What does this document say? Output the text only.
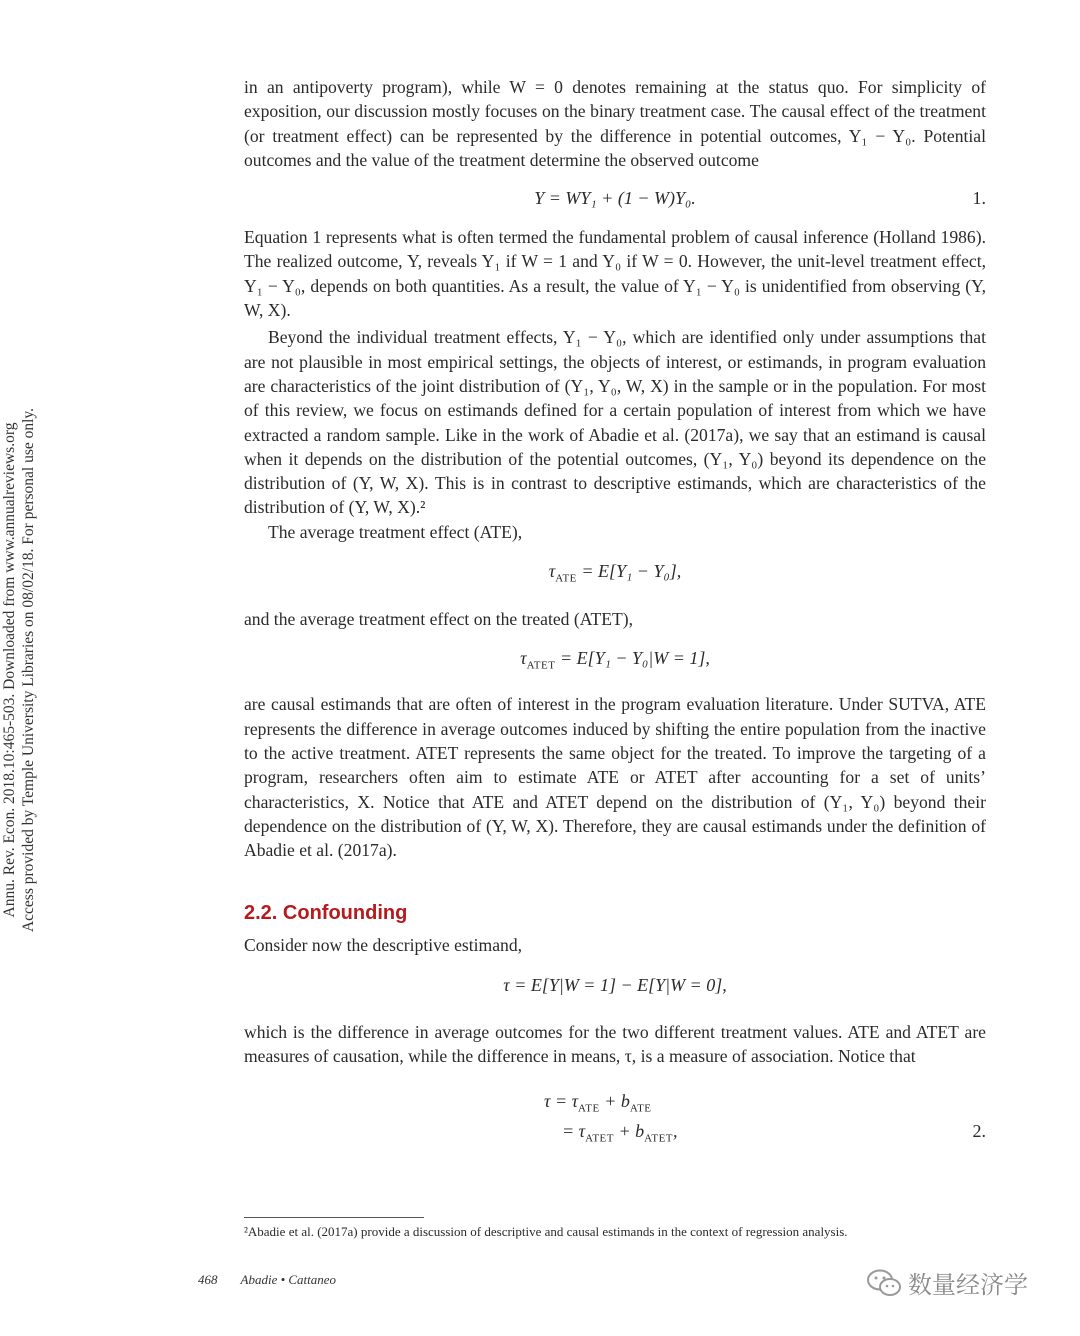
Annu. Rev. Econ. 2018.10:465-503. Downloaded from www.annualreviews.org Access provided by Temple University Libraries on 08/02/18. For personal use only.

in an antipoverty program), while W = 0 denotes remaining at the status quo. For simplicity of exposition, our discussion mostly focuses on the binary treatment case. The causal effect of the treatment (or treatment effect) can be represented by the difference in potential outcomes, Y₁ − Y₀. Potential outcomes and the value of the treatment determine the observed outcome

Y = WY₁ + (1 − W)Y₀.	1.

Equation 1 represents what is often termed the fundamental problem of causal inference (Holland 1986). The realized outcome, Y, reveals Y₁ if W = 1 and Y₀ if W = 0. However, the unit-level treatment effect, Y₁ − Y₀, depends on both quantities. As a result, the value of Y₁ − Y₀ is unidentified from observing (Y, W, X).

Beyond the individual treatment effects, Y₁ − Y₀, which are identified only under assumptions that are not plausible in most empirical settings, the objects of interest, or estimands, in program evaluation are characteristics of the joint distribution of (Y₁, Y₀, W, X) in the sample or in the population. For most of this review, we focus on estimands defined for a certain population of interest from which we have extracted a random sample. Like in the work of Abadie et al. (2017a), we say that an estimand is causal when it depends on the distribution of the potential outcomes, (Y₁, Y₀) beyond its dependence on the distribution of (Y, W, X). This is in contrast to descriptive estimands, which are characteristics of the distribution of (Y, W, X).²

The average treatment effect (ATE),

$\tau_{ATE} = E[Y_1 - Y_0]$,

and the average treatment effect on the treated (ATET),

$\tau_{ATET} = E[Y_1 - Y_0|W = 1]$,

are causal estimands that are often of interest in the program evaluation literature. Under SUTVA, ATE represents the difference in average outcomes induced by shifting the entire population from the inactive to the active treatment. ATET represents the same object for the treated. To improve the targeting of a program, researchers often aim to estimate ATE or ATET after accounting for a set of units’ characteristics, X. Notice that ATE and ATET depend on the distribution of (Y₁, Y₀) beyond their dependence on the distribution of (Y, W, X). Therefore, they are causal estimands under the definition of Abadie et al. (2017a).

2.2. Confounding

Consider now the descriptive estimand,

τ = E[Y|W = 1] − E[Y|W = 0],

which is the difference in average outcomes for the two different treatment values. ATE and ATET are measures of causation, while the difference in means, τ, is a measure of association. Notice that

$\tau = \tau_{ATE} + b_{ATE}$
= $\tau_{ATET} + b_{ATET}$,	2.
²Abadie et al. (2017a) provide a discussion of descriptive and causal estimands in the context of regression analysis.
468 Abadie • Cattaneo	数量经济学
